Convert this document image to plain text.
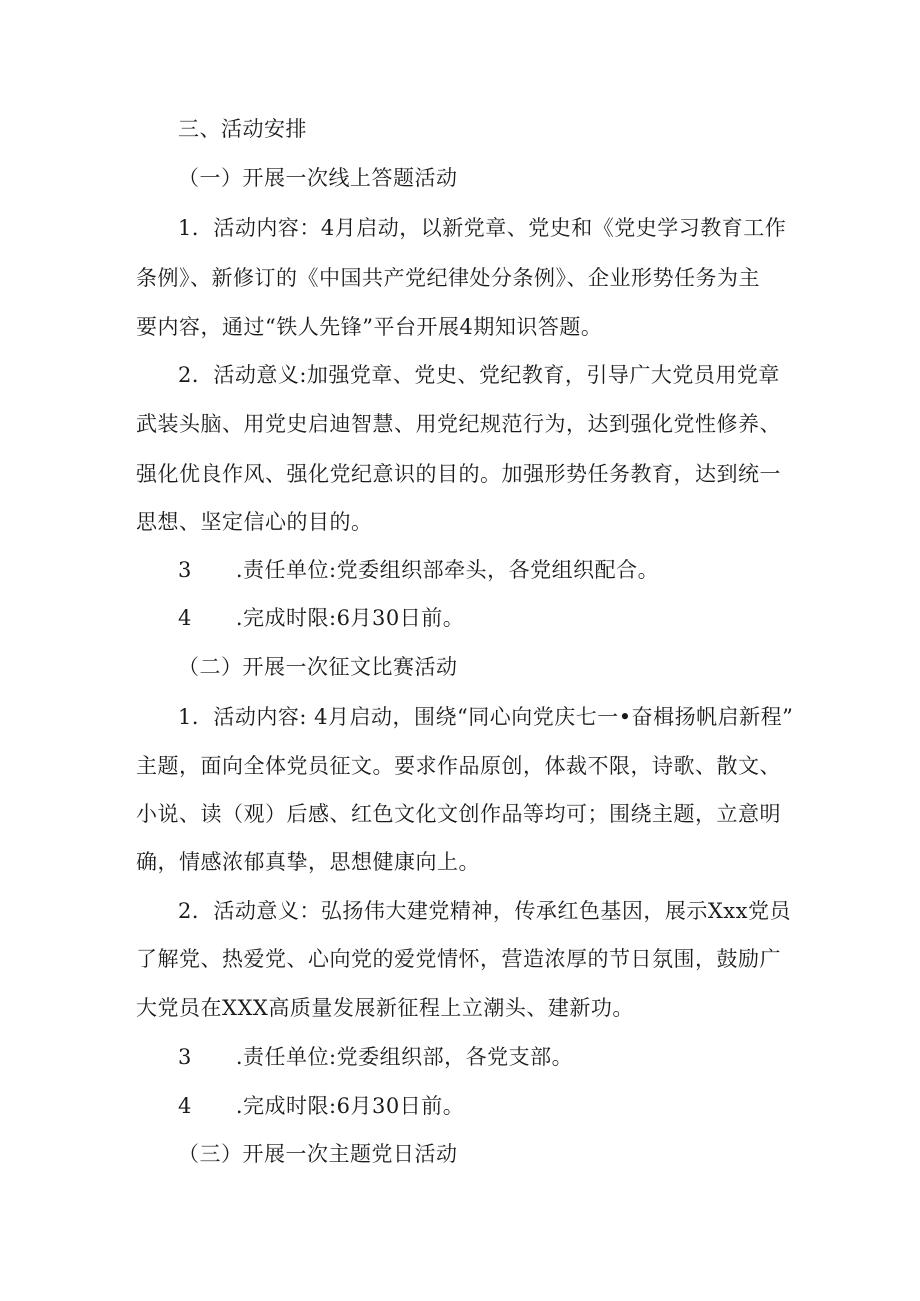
三、活动安排
（一）开展一次线上答题活动
1．活动内容：4月启动，以新党章、党史和《党史学习教育工作
条例》、新修订的《中国共产党纪律处分条例》、企业形势任务为主
要内容，通过“铁人先锋”平台开展4期知识答题。
2．活动意义:加强党章、党史、党纪教育，引导广大党员用党章
武装头脑、用党史启迪智慧、用党纪规范行为，达到强化党性修养、
强化优良作风、强化党纪意识的目的。加强形势任务教育，达到统一
思想、坚定信心的目的。
3 .责任单位:党委组织部牵头，各党组织配合。
4 .完成时限:6月30日前。
（二）开展一次征文比赛活动
1．活动内容: 4月启动，围绕“同心向党庆七一•奋楫扬帆启新程”
主题，面向全体党员征文。要求作品原创，体裁不限，诗歌、散文、
小说、读（观）后感、红色文化文创作品等均可；围绕主题，立意明
确，情感浓郁真挚，思想健康向上。
2．活动意义：弘扬伟大建党精神，传承红色基因，展示Xxx党员
了解党、热爱党、心向党的爱党情怀，营造浓厚的节日氛围，鼓励广
大党员在XXX高质量发展新征程上立潮头、建新功。
3 .责任单位:党委组织部，各党支部。
4 .完成时限:6月30日前。
（三）开展一次主题党日活动
